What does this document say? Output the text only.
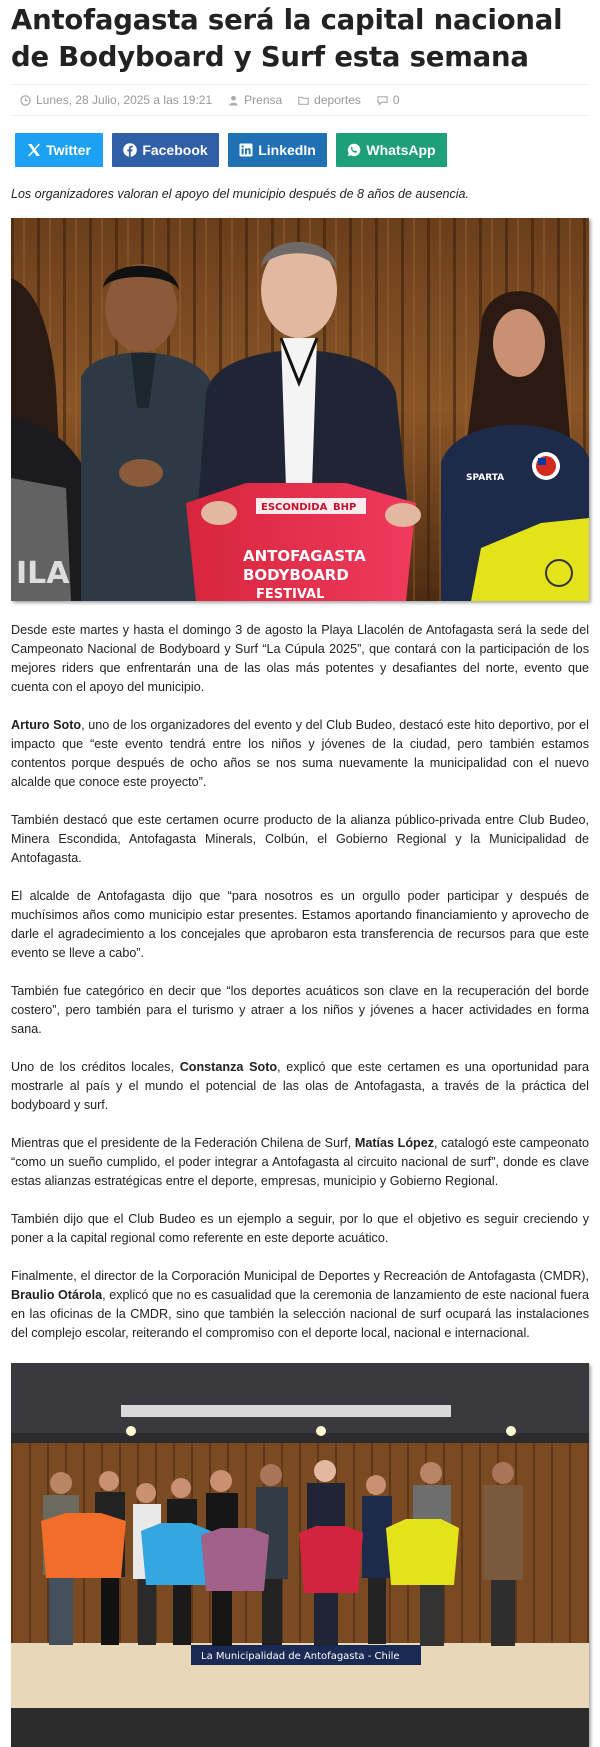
Antofagasta será la capital nacional de Bodyboard y Surf esta semana
Lunes, 28 Julio, 2025 a las 19:21	Prensa	deportes	0
Twitter	Facebook	LinkedIn	WhatsApp
Los organizadores valoran el apoyo del municipio después de 8 años de ausencia.
ILA
ESCONDIDA BHP
ANTOFAGASTA
BODYBOARD
FESTIVAL
SPARTA

Desde este martes y hasta el domingo 3 de agosto la Playa Llacolén de Antofagasta será la sede del Campeonato Nacional de Bodyboard y Surf “La Cúpula 2025”, que contará con la participación de los mejores riders que enfrentarán una de las olas más potentes y desafiantes del norte, evento que cuenta con el apoyo del municipio.

Arturo Soto, uno de los organizadores del evento y del Club Budeo, destacó este hito deportivo, por el impacto que “este evento tendrá entre los niños y jóvenes de la ciudad, pero también estamos contentos porque después de ocho años se nos suma nuevamente la municipalidad con el nuevo alcalde que conoce este proyecto”.

También destacó que este certamen ocurre producto de la alianza público-privada entre Club Budeo, Minera Escondida, Antofagasta Minerals, Colbún, el Gobierno Regional y la Municipalidad de Antofagasta.

El alcalde de Antofagasta dijo que “para nosotros es un orgullo poder participar y después de muchísimos años como municipio estar presentes. Estamos aportando financiamiento y aprovecho de darle el agradecimiento a los concejales que aprobaron esta transferencia de recursos para que este evento se lleve a cabo”.

También fue categórico en decir que “los deportes acuáticos son clave en la recuperación del borde costero”, pero también para el turismo y atraer a los niños y jóvenes a hacer actividades en forma sana.

Uno de los créditos locales, Constanza Soto, explicó que este certamen es una oportunidad para mostrarle al país y el mundo el potencial de las olas de Antofagasta, a través de la práctica del bodyboard y surf.

Mientras que el presidente de la Federación Chilena de Surf, Matías López, catalogó este campeonato “como un sueño cumplido, el poder integrar a Antofagasta al circuito nacional de surf”, donde es clave estas alianzas estratégicas entre el deporte, empresas, municipio y Gobierno Regional.

También dijo que el Club Budeo es un ejemplo a seguir, por lo que el objetivo es seguir creciendo y poner a la capital regional como referente en este deporte acuático.

Finalmente, el director de la Corporación Municipal de Deportes y Recreación de Antofagasta (CMDR), Braulio Otárola, explicó que no es casualidad que la ceremonia de lanzamiento de este nacional fuera en las oficinas de la CMDR, sino que también la selección nacional de surf ocupará las instalaciones del complejo escolar, reiterando el compromiso con el deporte local, nacional e internacional.

La Municipalidad de Antofagasta - Chile
